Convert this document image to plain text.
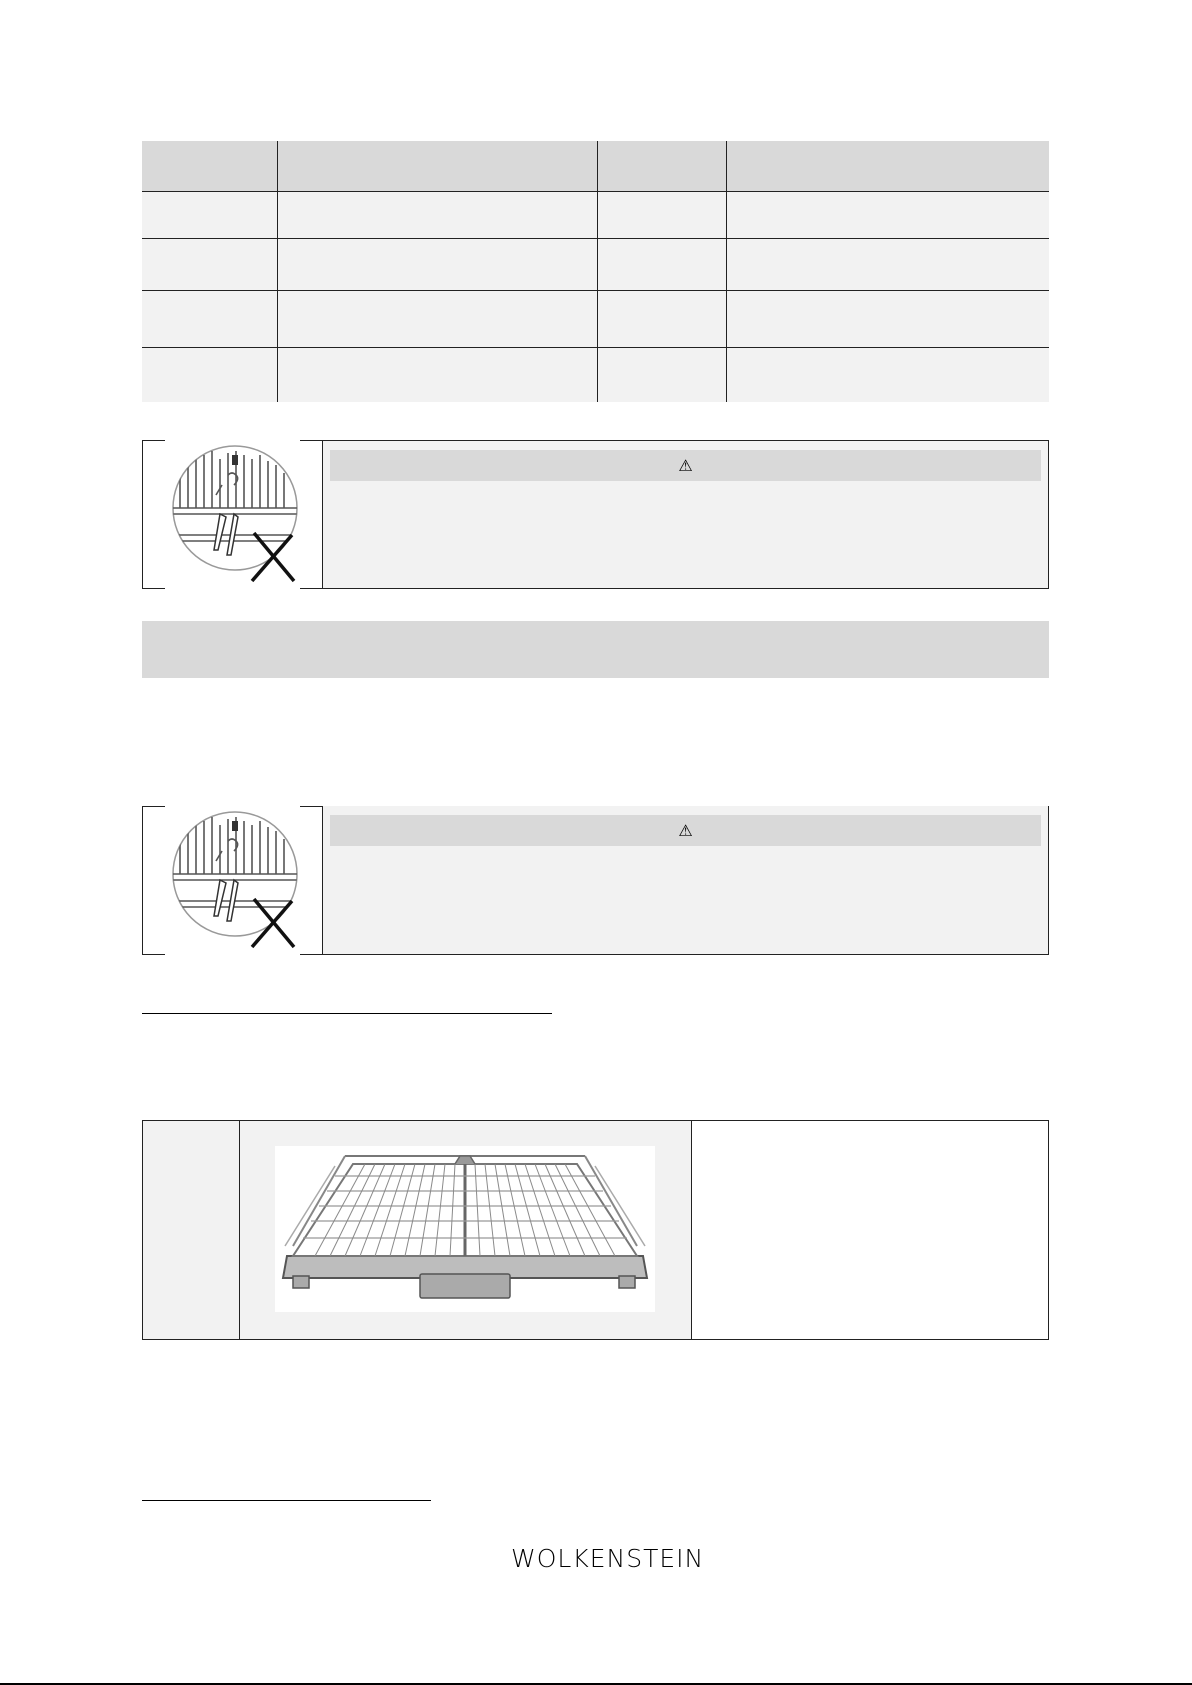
⚠
⚠
WOLKENSTEIN
